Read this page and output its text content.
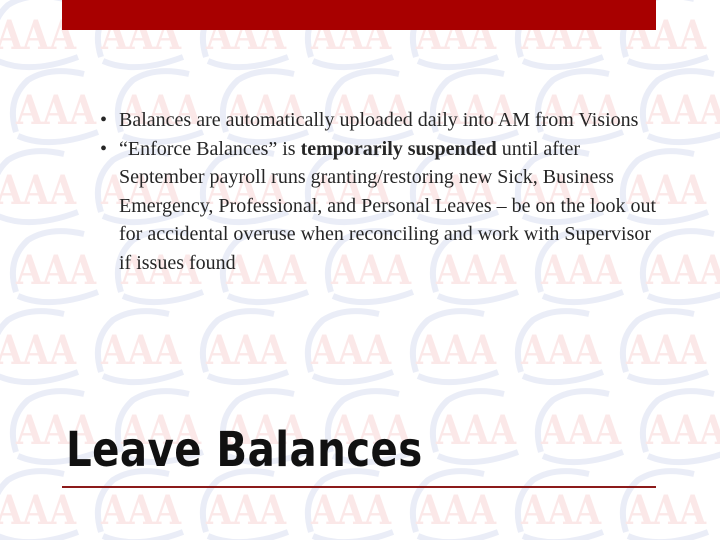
• Balances are automatically uploaded daily into AM from Visions
• “Enforce Balances” is temporarily suspended until after September payroll runs granting/restoring new Sick, Business Emergency, Professional, and Personal Leaves – be on the look out for accidental overuse when reconciling and work with Supervisor if issues found
Leave Balances
